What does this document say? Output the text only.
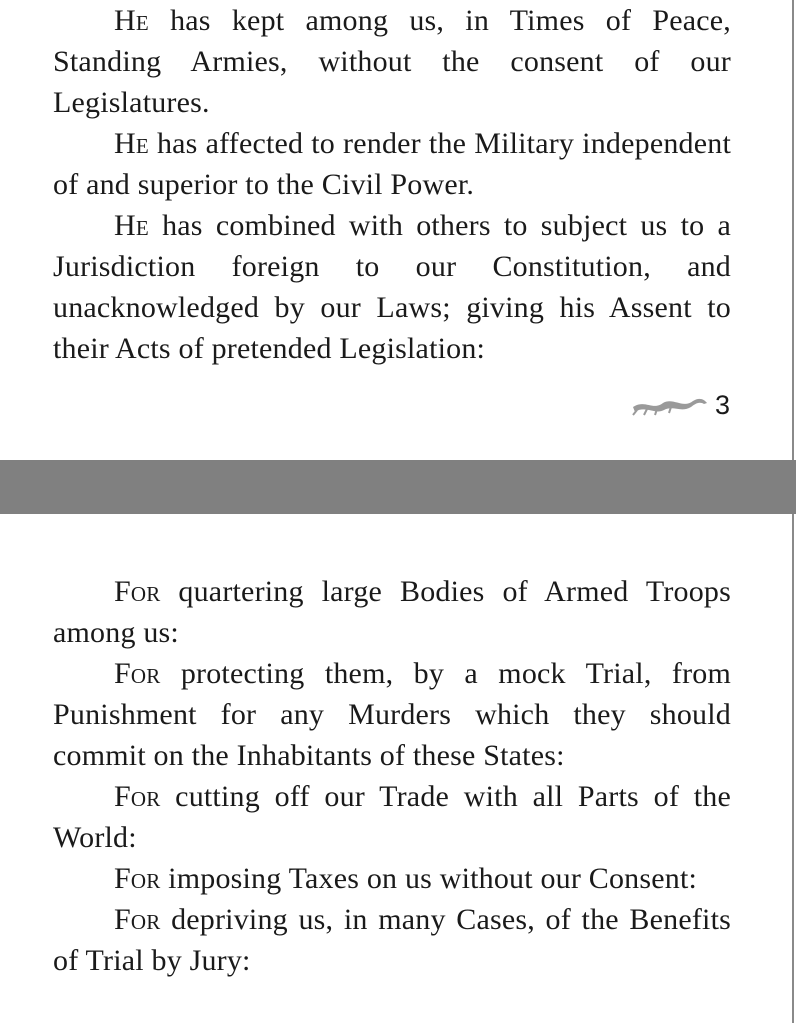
He has kept among us, in Times of Peace, Standing Armies, without the consent of our Legislatures.

He has affected to render the Military independent of and superior to the Civil Power.

He has combined with others to subject us to a Jurisdiction foreign to our Constitution, and unacknowledged by our Laws; giving his Assent to their Acts of pretended Legislation:

3

For quartering large Bodies of Armed Troops among us:

For protecting them, by a mock Trial, from Punishment for any Murders which they should commit on the Inhabitants of these States:

For cutting off our Trade with all Parts of the World:

For imposing Taxes on us without our Consent:

For depriving us, in many Cases, of the Benefits of Trial by Jury:
